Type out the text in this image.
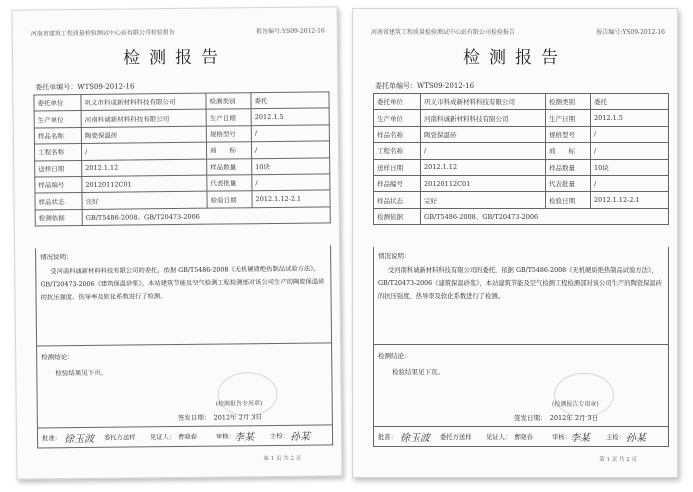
河南省建筑工程质量检验测试中心站有限公司检验报告	报告编号:YS09-2012-16
检测报告
委托单编号：WTS09-2012-16
委托单位	巩义市科成新材料科技有限公司	检测类别	委托
生产单位	河南科诚新材料科技有限公司	生产日期	2012.1.5
样品名称	陶瓷保温砖	规格型号	/
工程名称	/	商　　标	/
送样日期	2012.1.12	样品数量	10块
样品编号	20120112C01	代表批量	/
样品状态	完好	检验日期	2012.1.12-2.1
检测依据	GB/T5486-2008、GB/T20473-2006		
情况说明：
受河南科诚新材料科技有限公司的委托，依据 GB/T5486-2008《无机硬质绝热制品试验方法》、GB/T20473-2006《建筑保温砂浆》，本站建筑节能及空气检测工程检测部对该公司生产的陶瓷保温砖的抗压强度、热导率及软化系数进行了检测。
检测结论：
检验结果见下页。
(检测报告专用章)
签发日期：　2012年 2月 3日
批准： 徐玉波 委托方送样 见证人： 曹晓春	审核： 李某	主检： 孙某
第 1 页 共 2 页
河南省建筑工程质量检验测试中心站有限公司检验报告	报告编号:YS09-2012-16
检测报告
委托单编号：WTS09-2012-16
委托单位	巩义市科成新材料科技有限公司	检测类别	委托
生产单位	河南科诚新材料科技有限公司	生产日期	2012.1.5
样品名称	陶瓷保温砖	规格型号	/
工程名称	/	商　　标	/
送样日期	2012.1.12	样品数量	10块
样品编号	20120112C01	代表批量	/
样品状态	完好	检验日期	2012.1.12-2.1
检测依据	GB/T5486-2008、GB/T20473-2006		
情况说明：
受河南科诚新材料科技有限公司的委托，依据 GB/T5486-2008《无机硬质绝热制品试验方法》、GB/T20473-2006《建筑保温砂浆》，本站建筑节能及空气检测工程检测部对该公司生产的陶瓷保温砖的抗压强度、热导率及软化系数进行了检测。
检测结论：
检验结果见下页。
(检测报告专用章)
签发日期：　2012年 2月 3日
批准： 徐玉波 委托方送样 见证人： 曹晓春	审核： 李某	主检： 孙某
第 1 页 共 2 页
